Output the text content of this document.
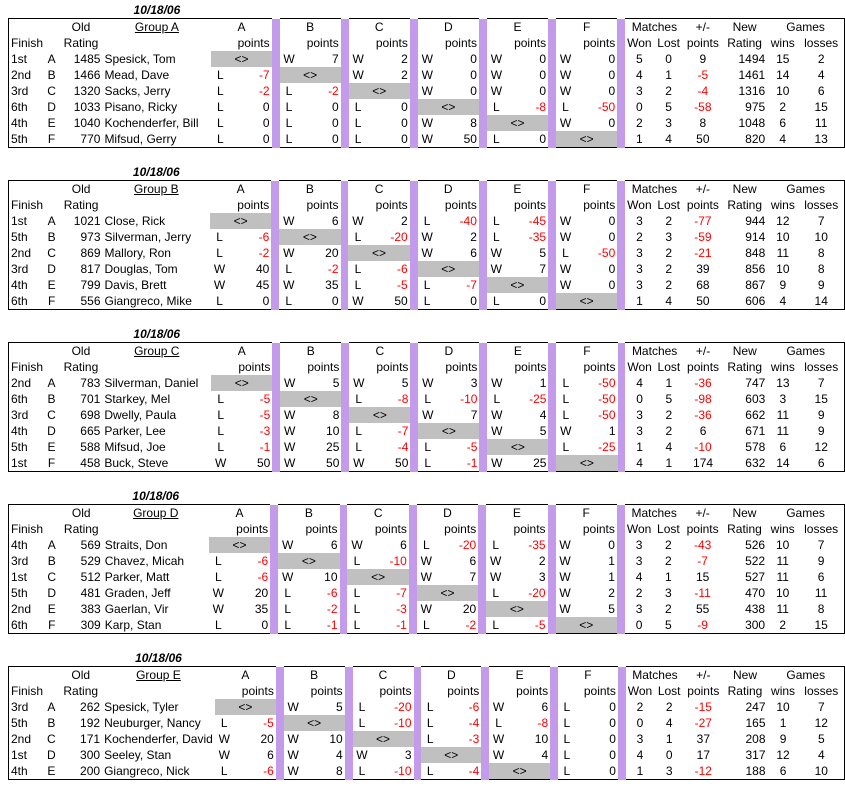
			10/18/06																								
		Old	Group A	A			B			C			D			E			F			Matches		+/-	New	Games	
Finish		Rating			points			points			points			points			points			points		Won	Lost	points	Rating	wins	losses
1st	A	1485	Spesick, Tom	<>			W	7		W	2		W	0		W	0		W	0		5	0	9	1494	15	2
2nd	B	1466	Mead, Dave	L	-7		<>			W	2		W	0		W	0		W	0		4	1	-5	1461	14	4
3rd	C	1320	Sacks, Jerry	L	-2		L	-2		<>			W	0		W	0		W	0		3	2	-4	1316	10	6
6th	D	1033	Pisano, Ricky	L	0		L	0		L	0		<>			L	-8		L	-50		0	5	-58	975	2	15
4th	E	1040	Kochenderfer, Bill	L	0		L	0		L	0		W	8		<>			W	0		2	3	8	1048	6	11
5th	F	770	Mifsud, Gerry	L	0		L	0		L	0		W	50		L	0		<>			1	4	50	820	4	13
			10/18/06																								
		Old	Group B	A			B			C			D			E			F			Matches		+/-	New	Games	
Finish		Rating			points			points			points			points			points			points		Won	Lost	points	Rating	wins	losses
1st	A	1021	Close, Rick	<>			W	6		W	2		L	-40		L	-45		W	0		3	2	-77	944	12	7
5th	B	973	Silverman, Jerry	L	-6		<>			L	-20		W	2		L	-35		W	0		2	3	-59	914	10	10
2nd	C	869	Mallory, Ron	L	-2		W	20		<>			W	6		W	5		L	-50		3	2	-21	848	11	8
3rd	D	817	Douglas, Tom	W	40		L	-2		L	-6		<>			W	7		W	0		3	2	39	856	10	8
4th	E	799	Davis, Brett	W	45		W	35		L	-5		L	-7		<>			W	0		3	2	68	867	9	9
6th	F	556	Giangreco, Mike	L	0		L	0		W	50		L	0		L	0		<>			1	4	50	606	4	14
			10/18/06																								
		Old	Group C	A			B			C			D			E			F			Matches		+/-	New	Games	
Finish		Rating			points			points			points			points			points			points		Won	Lost	points	Rating	wins	losses
2nd	A	783	Silverman, Daniel	<>			W	5		W	5		W	3		W	1		L	-50		4	1	-36	747	13	7
6th	B	701	Starkey, Mel	L	-5		<>			L	-8		L	-10		L	-25		L	-50		0	5	-98	603	3	15
3rd	C	698	Dwelly, Paula	L	-5		W	8		<>			W	7		W	4		L	-50		3	2	-36	662	11	9
4th	D	665	Parker, Lee	L	-3		W	10		L	-7		<>			W	5		W	1		3	2	6	671	11	9
5th	E	588	Mifsud, Joe	L	-1		W	25		L	-4		L	-5		<>			L	-25		1	4	-10	578	6	12
1st	F	458	Buck, Steve	W	50		W	50		W	50		L	-1		W	25		<>			4	1	174	632	14	6
			10/18/06																								
		Old	Group D	A			B			C			D			E			F			Matches		+/-	New	Games	
Finish		Rating			points			points			points			points			points			points		Won	Lost	points	Rating	wins	losses
4th	A	569	Straits, Don	<>			W	6		W	6		L	-20		L	-35		W	0		3	2	-43	526	10	7
3rd	B	529	Chavez, Micah	L	-6		<>			L	-10		W	6		W	2		W	1		3	2	-7	522	11	9
1st	C	512	Parker, Matt	L	-6		W	10		<>			W	7		W	3		W	1		4	1	15	527	11	6
5th	D	481	Graden, Jeff	W	20		L	-6		L	-7		<>			L	-20		W	2		2	3	-11	470	10	11
2nd	E	383	Gaerlan, Vir	W	35		L	-2		L	-3		W	20		<>			W	5		3	2	55	438	11	8
6th	F	309	Karp, Stan	L	0		L	-1		L	-1		L	-2		L	-5		<>			0	5	-9	300	2	15
			10/18/06																								
		Old	Group E	A			B			C			D			E			F			Matches		+/-	New	Games	
Finish		Rating			points			points			points			points			points			points		Won	Lost	points	Rating	wins	losses
3rd	A	262	Spesick, Tyler	<>			W	5		L	-20		L	-6		W	6		L	0		2	2	-15	247	10	7
5th	B	192	Neuburger, Nancy	L	-5		<>			L	-10		L	-4		L	-8		L	0		0	4	-27	165	1	12
2nd	C	171	Kochenderfer, David	W	20		W	10		<>			L	-3		W	10		L	0		3	1	37	208	9	5
1st	D	300	Seeley, Stan	W	6		W	4		W	3		<>			W	4		L	0		4	0	17	317	12	4
4th	E	200	Giangreco, Nick	L	-6		W	8		L	-10		L	-4		<>			L	0		1	3	-12	188	6	10
